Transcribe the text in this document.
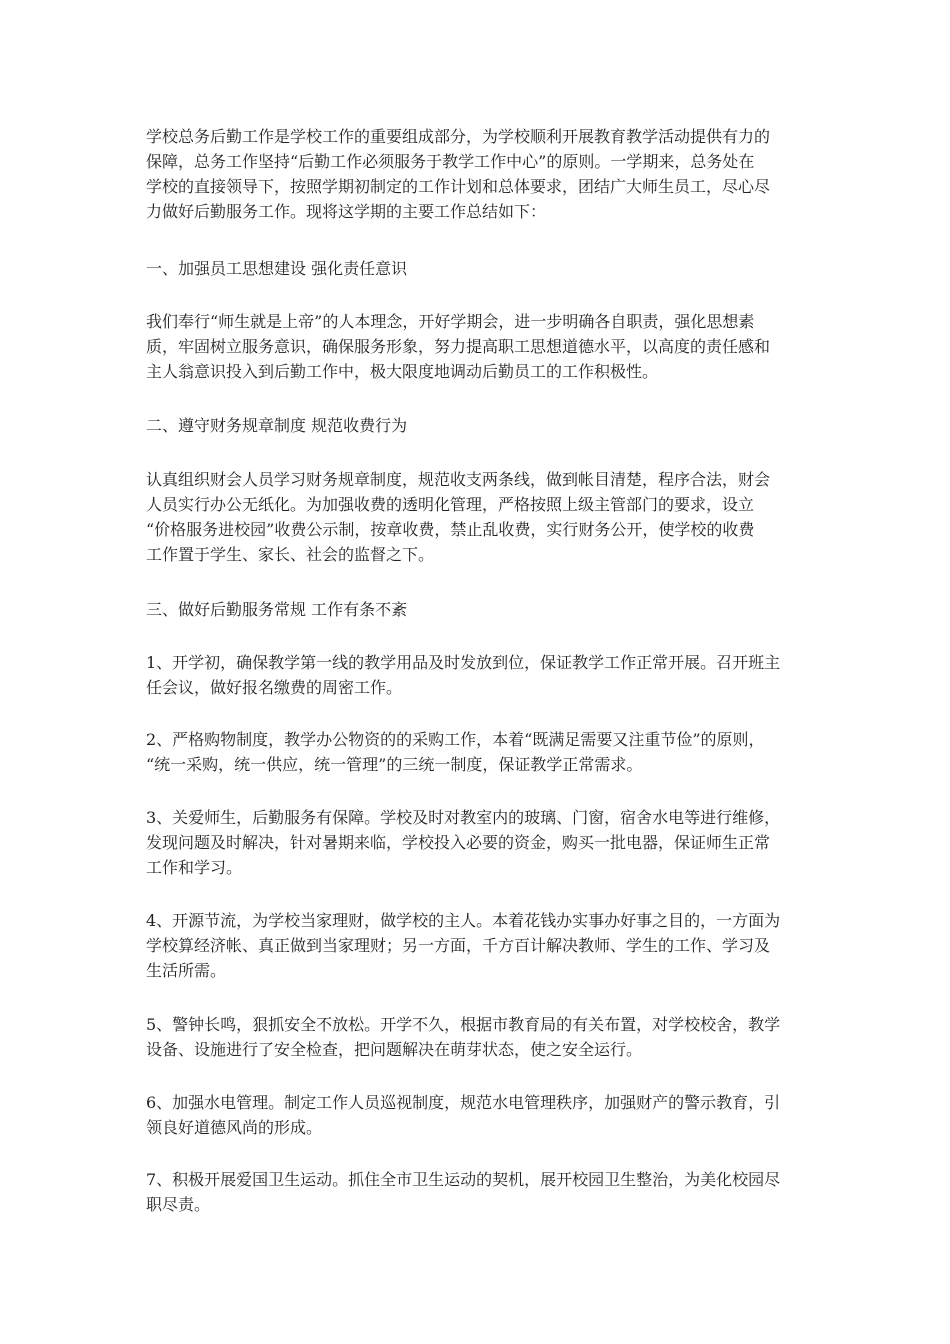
学校总务后勤工作是学校工作的重要组成部分，为学校顺利开展教育教学活动提供有力的
保障，总务工作坚持“后勤工作必须服务于教学工作中心”的原则。一学期来，总务处在
学校的直接领导下，按照学期初制定的工作计划和总体要求，团结广大师生员工，尽心尽
力做好后勤服务工作。现将这学期的主要工作总结如下：

一、加强员工思想建设 强化责任意识

我们奉行“师生就是上帝”的人本理念，开好学期会，进一步明确各自职责，强化思想素
质，牢固树立服务意识，确保服务形象，努力提高职工思想道德水平，以高度的责任感和
主人翁意识投入到后勤工作中，极大限度地调动后勤员工的工作积极性。

二、遵守财务规章制度 规范收费行为

认真组织财会人员学习财务规章制度，规范收支两条线，做到帐目清楚，程序合法，财会
人员实行办公无纸化。为加强收费的透明化管理，严格按照上级主管部门的要求，设立
“价格服务进校园”收费公示制，按章收费，禁止乱收费，实行财务公开，使学校的收费
工作置于学生、家长、社会的监督之下。

三、做好后勤服务常规 工作有条不紊

1、开学初，确保教学第一线的教学用品及时发放到位，保证教学工作正常开展。召开班主
任会议，做好报名缴费的周密工作。

2、严格购物制度，教学办公物资的的采购工作，本着“既满足需要又注重节俭”的原则，
“统一采购，统一供应，统一管理”的三统一制度，保证教学正常需求。

3、关爱师生，后勤服务有保障。学校及时对教室内的玻璃、门窗，宿舍水电等进行维修，
发现问题及时解决，针对暑期来临，学校投入必要的资金，购买一批电器，保证师生正常
工作和学习。

4、开源节流，为学校当家理财，做学校的主人。本着花钱办实事办好事之目的，一方面为
学校算经济帐、真正做到当家理财；另一方面，千方百计解决教师、学生的工作、学习及
生活所需。

5、警钟长鸣，狠抓安全不放松。开学不久，根据市教育局的有关布置，对学校校舍，教学
设备、设施进行了安全检查，把问题解决在萌芽状态，使之安全运行。

6、加强水电管理。制定工作人员巡视制度，规范水电管理秩序，加强财产的警示教育，引
领良好道德风尚的形成。

7、积极开展爱国卫生运动。抓住全市卫生运动的契机，展开校园卫生整治，为美化校园尽
职尽责。
